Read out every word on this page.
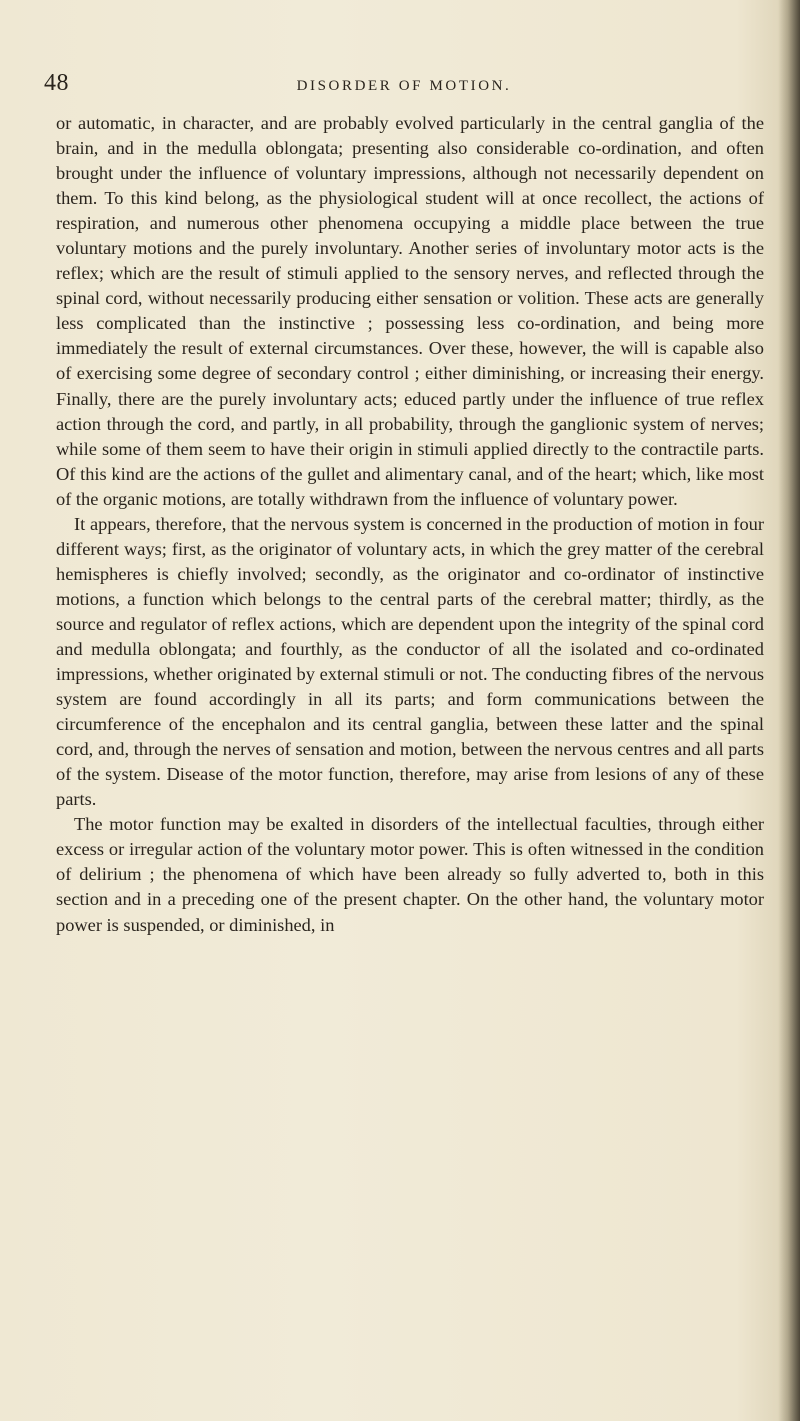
48	DISORDER OF MOTION.

or automatic, in character, and are probably evolved particularly in the central ganglia of the brain, and in the medulla oblongata; presenting also considerable co-ordination, and often brought under the influence of voluntary impressions, although not necessarily dependent on them. To this kind belong, as the physiological student will at once recollect, the actions of respiration, and numerous other phenomena occupying a middle place between the true voluntary motions and the purely involuntary. Another series of involuntary motor acts is the reflex; which are the result of stimuli applied to the sensory nerves, and reflected through the spinal cord, without necessarily producing either sensation or volition. These acts are generally less complicated than the instinctive ; possessing less co-ordination, and being more immediately the result of external circumstances. Over these, however, the will is capable also of exercising some degree of secondary control ; either diminishing, or increasing their energy. Finally, there are the purely involuntary acts; educed partly under the influence of true reflex action through the cord, and partly, in all probability, through the ganglionic system of nerves; while some of them seem to have their origin in stimuli applied directly to the contractile parts. Of this kind are the actions of the gullet and alimentary canal, and of the heart; which, like most of the organic motions, are totally withdrawn from the influence of voluntary power.

It appears, therefore, that the nervous system is concerned in the production of motion in four different ways; first, as the originator of voluntary acts, in which the grey matter of the cerebral hemispheres is chiefly involved; secondly, as the originator and co-ordinator of instinctive motions, a function which belongs to the central parts of the cerebral matter; thirdly, as the source and regulator of reflex actions, which are dependent upon the integrity of the spinal cord and medulla oblongata; and fourthly, as the conductor of all the isolated and co-ordinated impressions, whether originated by external stimuli or not. The conducting fibres of the nervous system are found accordingly in all its parts; and form communications between the circumference of the encephalon and its central ganglia, between these latter and the spinal cord, and, through the nerves of sensation and motion, between the nervous centres and all parts of the system. Disease of the motor function, therefore, may arise from lesions of any of these parts.

The motor function may be exalted in disorders of the intellectual faculties, through either excess or irregular action of the voluntary motor power. This is often witnessed in the condition of delirium ; the phenomena of which have been already so fully adverted to, both in this section and in a preceding one of the present chapter. On the other hand, the voluntary motor power is suspended, or diminished, in
